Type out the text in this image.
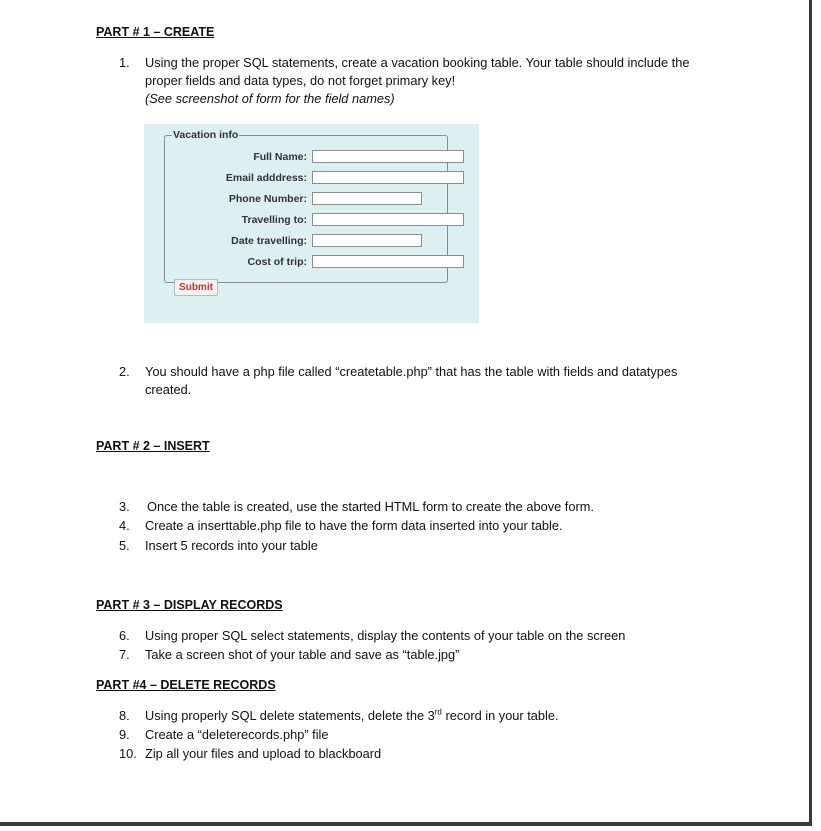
PART # 1 – CREATE
1. Using the proper SQL statements, create a vacation booking table. Your table should include the
proper fields and data types, do not forget primary key!
(See screenshot of form for the field names)
Vacation info
Full Name:
Email adddress:
Phone Number:
Travelling to:
Date travelling:
Cost of trip:
Submit
2. You should have a php file called “createtable.php” that has the table with fields and datatypes
created.
PART # 2 – INSERT
3. Once the table is created, use the started HTML form to create the above form.
4. Create a inserttable.php file to have the form data inserted into your table.
5. Insert 5 records into your table
PART # 3 – DISPLAY RECORDS
6. Using proper SQL select statements, display the contents of your table on the screen
7. Take a screen shot of your table and save as “table.jpg”
PART #4 – DELETE RECORDS
8. Using properly SQL delete statements, delete the 3rd record in your table.
9. Create a “deleterecords.php” file
10. Zip all your files and upload to blackboard
